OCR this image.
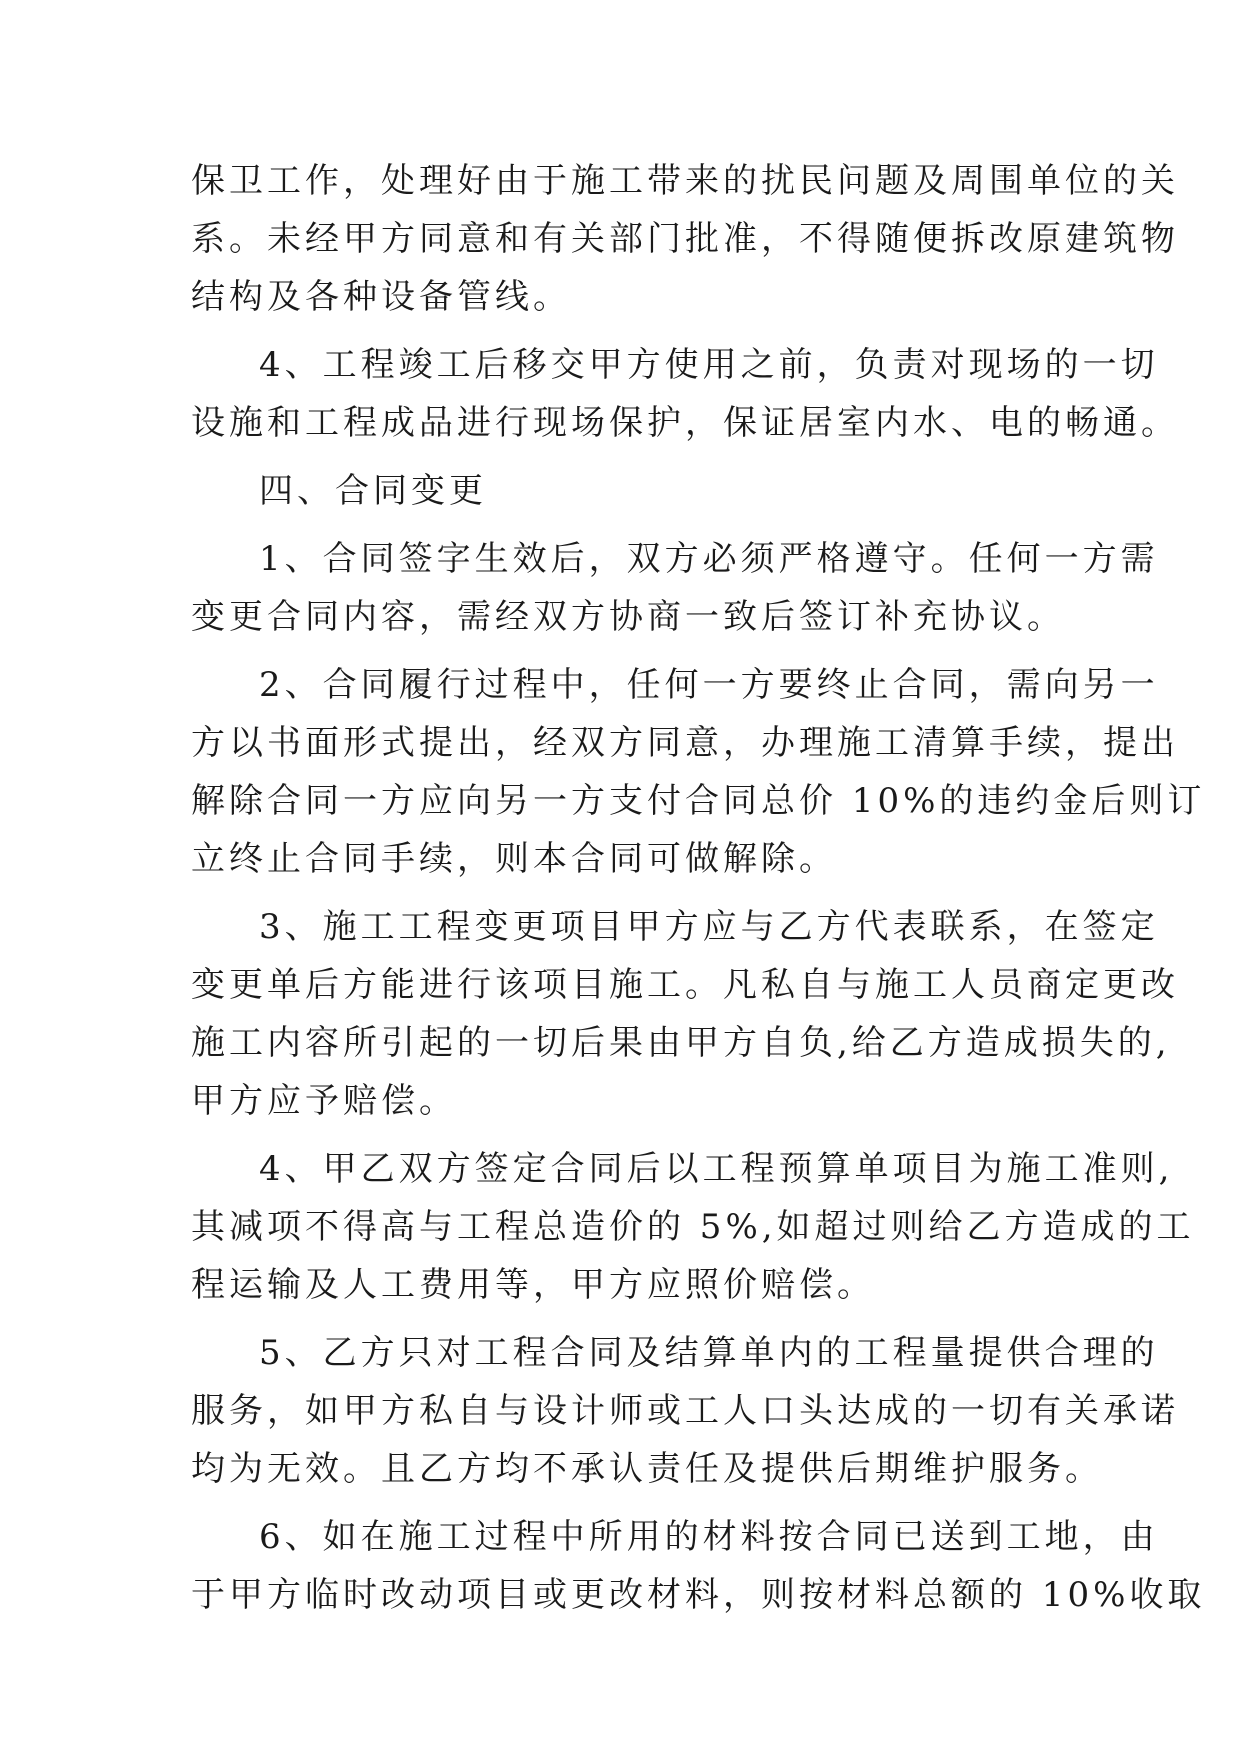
保卫工作，处理好由于施工带来的扰民问题及周围单位的关
系。未经甲方同意和有关部门批准，不得随便拆改原建筑物
结构及各种设备管线。
4、工程竣工后移交甲方使用之前，负责对现场的一切
设施和工程成品进行现场保护，保证居室内水、电的畅通。
四、合同变更
1、合同签字生效后，双方必须严格遵守。任何一方需
变更合同内容，需经双方协商一致后签订补充协议。
2、合同履行过程中，任何一方要终止合同，需向另一
方以书面形式提出，经双方同意，办理施工清算手续，提出
解除合同一方应向另一方支付合同总价 10%的违约金后则订
立终止合同手续，则本合同可做解除。
3、施工工程变更项目甲方应与乙方代表联系，在签定
变更单后方能进行该项目施工。凡私自与施工人员商定更改
施工内容所引起的一切后果由甲方自负,给乙方造成损失的,
甲方应予赔偿。
4、甲乙双方签定合同后以工程预算单项目为施工准则,
其减项不得高与工程总造价的 5%,如超过则给乙方造成的工
程运输及人工费用等，甲方应照价赔偿。
5、乙方只对工程合同及结算单内的工程量提供合理的
服务，如甲方私自与设计师或工人口头达成的一切有关承诺
均为无效。且乙方均不承认责任及提供后期维护服务。
6、如在施工过程中所用的材料按合同已送到工地，由
于甲方临时改动项目或更改材料，则按材料总额的 10%收取
